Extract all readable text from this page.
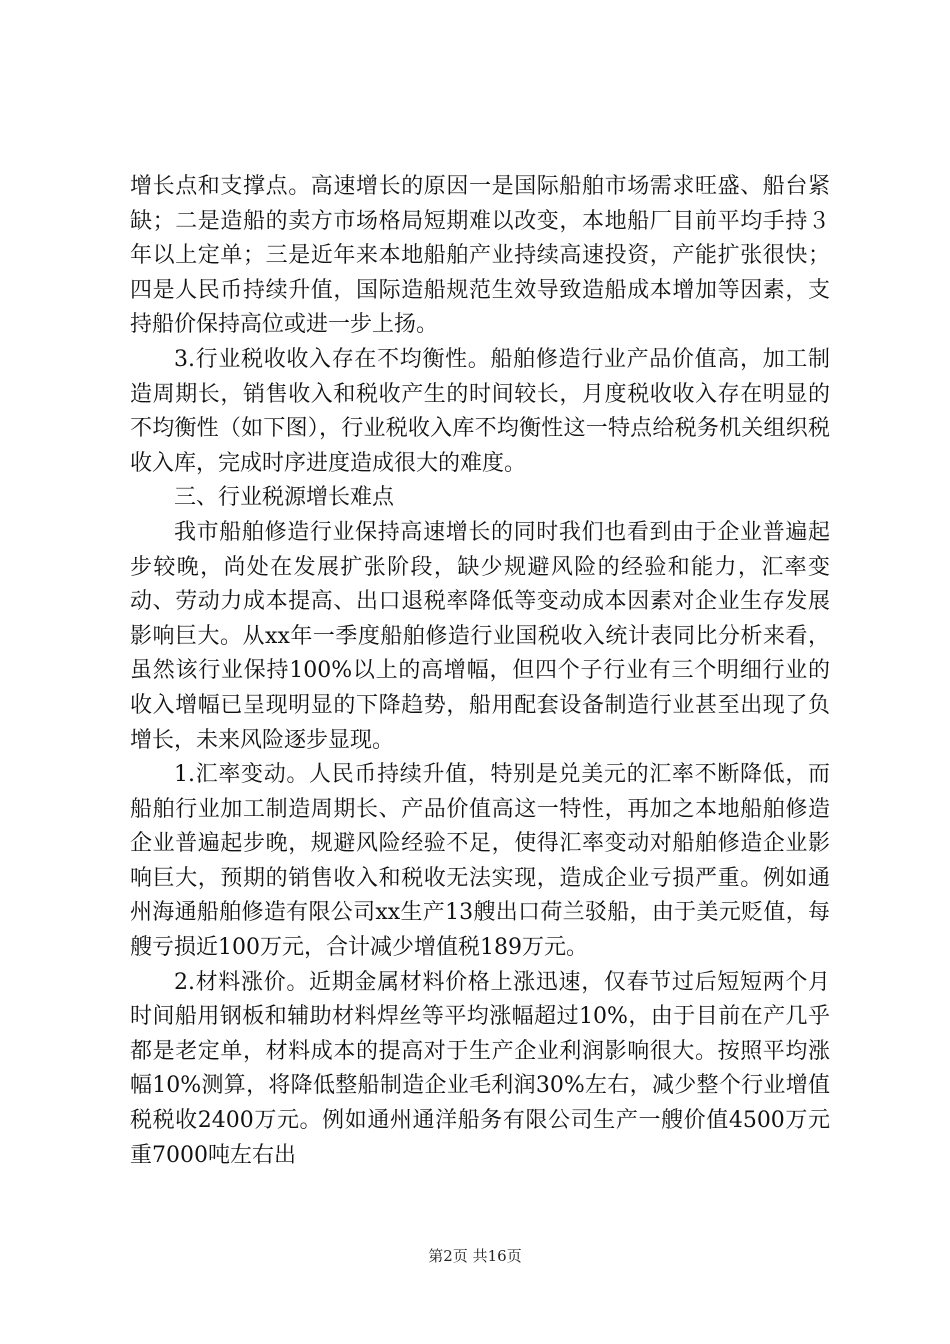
增长点和支撑点。高速增长的原因一是国际船舶市场需求旺盛、船台紧缺；二是造船的卖方市场格局短期难以改变，本地船厂目前平均手持３年以上定单；三是近年来本地船舶产业持续高速投资，产能扩张很快；四是人民币持续升值，国际造船规范生效导致造船成本增加等因素，支持船价保持高位或进一步上扬。

3.行业税收收入存在不均衡性。船舶修造行业产品价值高，加工制造周期长，销售收入和税收产生的时间较长，月度税收收入存在明显的不均衡性（如下图），行业税收入库不均衡性这一特点给税务机关组织税收入库，完成时序进度造成很大的难度。

三、行业税源增长难点

我市船舶修造行业保持高速增长的同时我们也看到由于企业普遍起步较晚，尚处在发展扩张阶段，缺少规避风险的经验和能力，汇率变动、劳动力成本提高、出口退税率降低等变动成本因素对企业生存发展影响巨大。从xx年一季度船舶修造行业国税收入统计表同比分析来看，虽然该行业保持100%以上的高增幅，但四个子行业有三个明细行业的收入增幅已呈现明显的下降趋势，船用配套设备制造行业甚至出现了负增长，未来风险逐步显现。

1.汇率变动。人民币持续升值，特别是兑美元的汇率不断降低，而船舶行业加工制造周期长、产品价值高这一特性，再加之本地船舶修造企业普遍起步晚，规避风险经验不足，使得汇率变动对船舶修造企业影响巨大，预期的销售收入和税收无法实现，造成企业亏损严重。例如通州海通船舶修造有限公司xx生产13艘出口荷兰驳船，由于美元贬值，每艘亏损近100万元，合计减少增值税189万元。

2.材料涨价。近期金属材料价格上涨迅速，仅春节过后短短两个月时间船用钢板和辅助材料焊丝等平均涨幅超过10%，由于目前在产几乎都是老定单，材料成本的提高对于生产企业利润影响很大。按照平均涨幅10%测算，将降低整船制造企业毛利润30%左右，减少整个行业增值税税收2400万元。例如通州通洋船务有限公司生产一艘价值4500万元重7000吨左右出

第2页 共16页
